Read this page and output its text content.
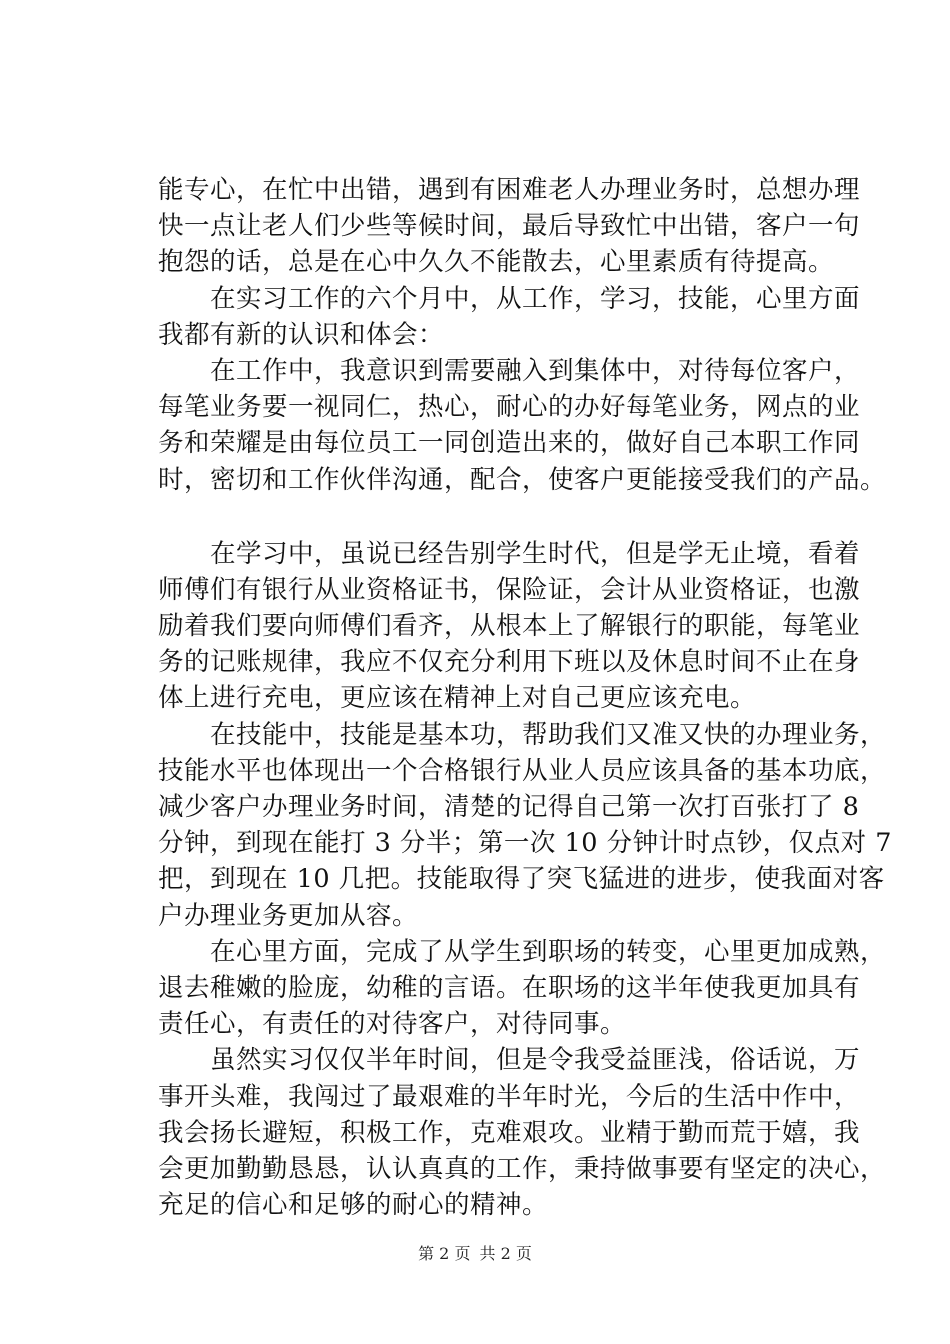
能专心，在忙中出错，遇到有困难老人办理业务时，总想办理
快一点让老人们少些等候时间，最后导致忙中出错，客户一句
抱怨的话，总是在心中久久不能散去，心里素质有待提高。
　　在实习工作的六个月中，从工作，学习，技能，心里方面
我都有新的认识和体会：
　　在工作中，我意识到需要融入到集体中，对待每位客户，
每笔业务要一视同仁，热心，耐心的办好每笔业务，网点的业
务和荣耀是由每位员工一同创造出来的，做好自己本职工作同
时，密切和工作伙伴沟通，配合，使客户更能接受我们的产品。
　　在学习中，虽说已经告别学生时代，但是学无止境，看着
师傅们有银行从业资格证书，保险证，会计从业资格证，也激
励着我们要向师傅们看齐，从根本上了解银行的职能，每笔业
务的记账规律，我应不仅充分利用下班以及休息时间不止在身
体上进行充电，更应该在精神上对自己更应该充电。
　　在技能中，技能是基本功，帮助我们又准又快的办理业务，
技能水平也体现出一个合格银行从业人员应该具备的基本功底，
减少客户办理业务时间，清楚的记得自己第一次打百张打了 8
分钟，到现在能打 3 分半；第一次 10 分钟计时点钞，仅点对 7
把，到现在 10 几把。技能取得了突飞猛进的进步，使我面对客
户办理业务更加从容。
　　在心里方面，完成了从学生到职场的转变，心里更加成熟，
退去稚嫩的脸庞，幼稚的言语。在职场的这半年使我更加具有
责任心，有责任的对待客户，对待同事。
　　虽然实习仅仅半年时间，但是令我受益匪浅，俗话说，万
事开头难，我闯过了最艰难的半年时光，今后的生活中作中，
我会扬长避短，积极工作，克难艰攻。业精于勤而荒于嬉，我
会更加勤勤恳恳，认认真真的工作，秉持做事要有坚定的决心，
充足的信心和足够的耐心的精神。
第 2 页 共 2 页
